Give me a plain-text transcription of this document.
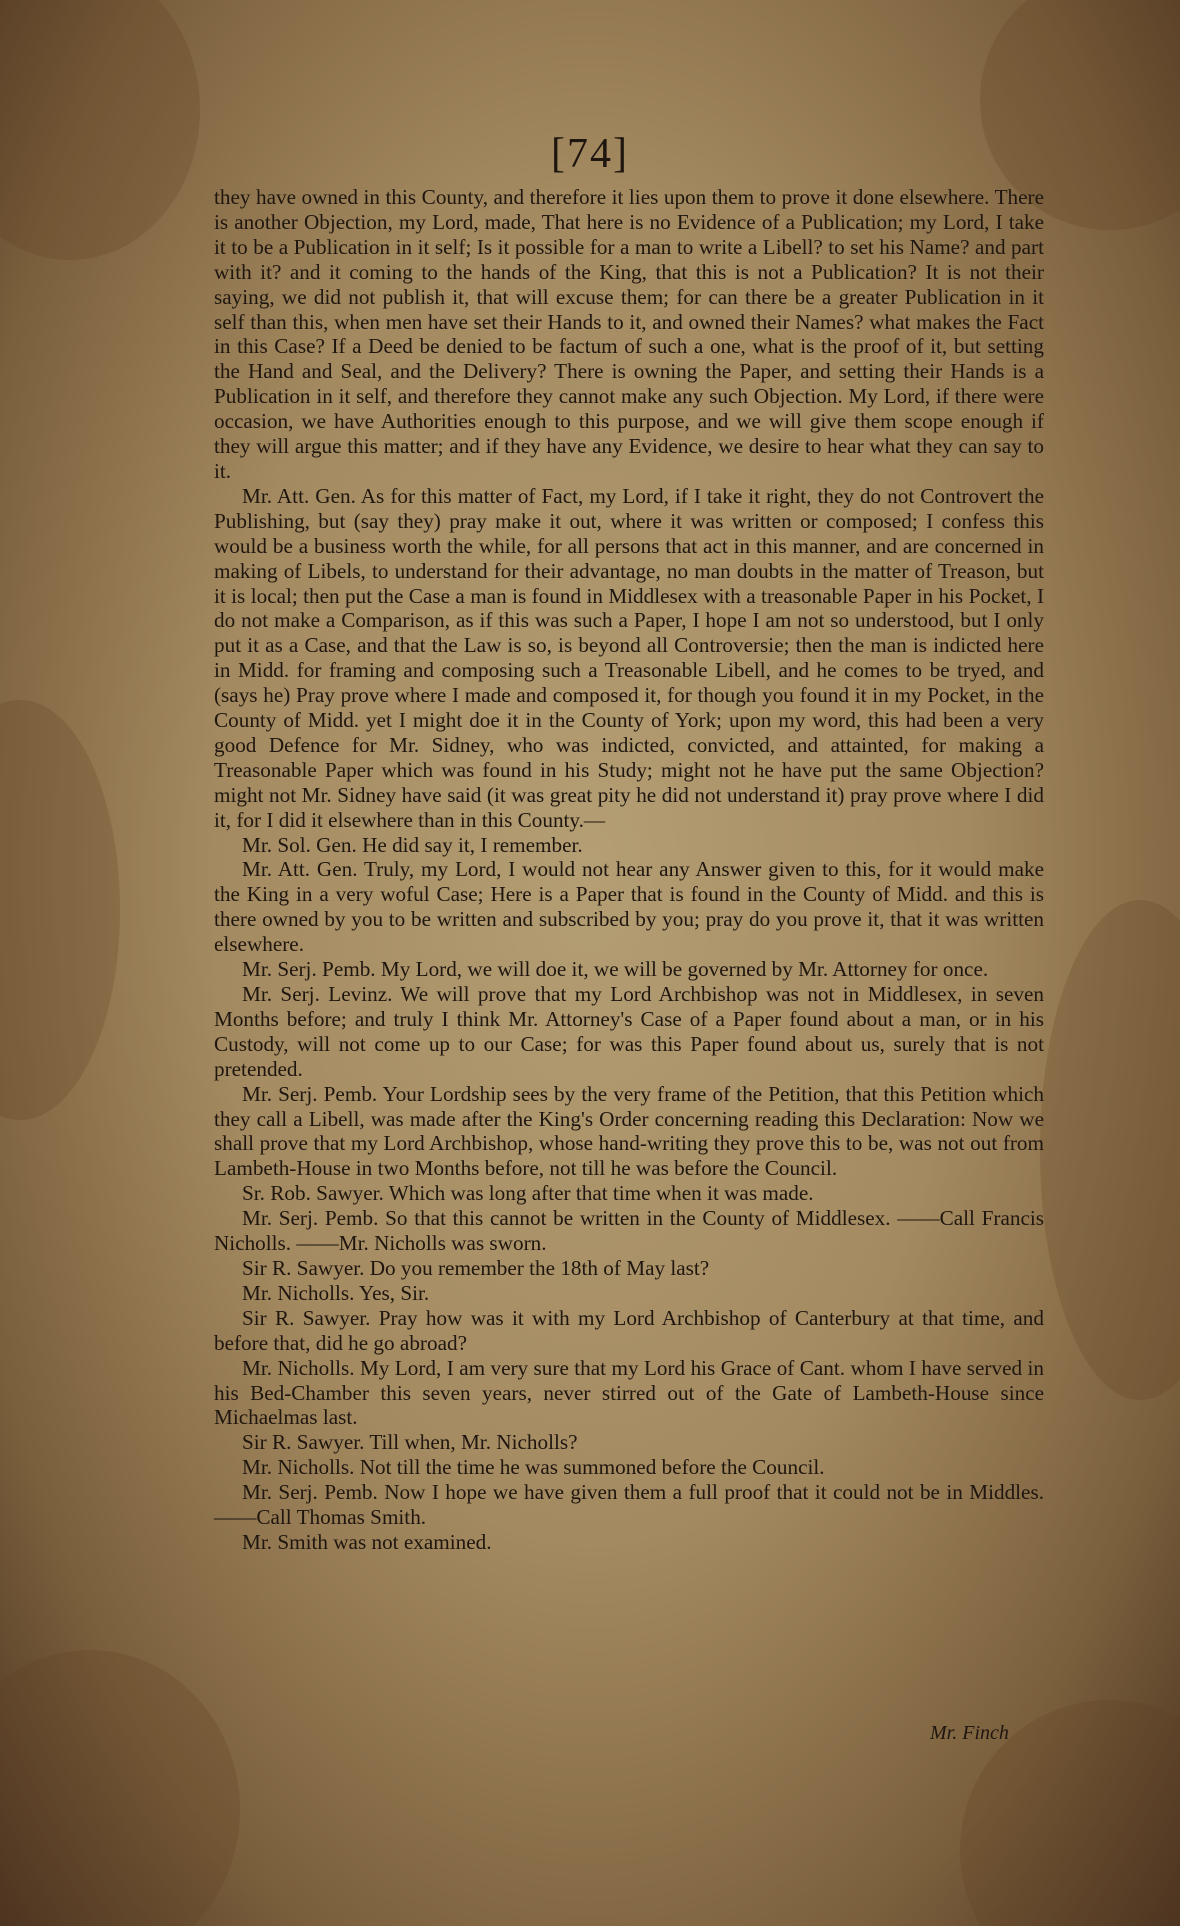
[74]

they have owned in this County, and therefore it lies upon them to prove it done elsewhere. There is another Objection, my Lord, made, That here is no Evidence of a Publication; my Lord, I take it to be a Publication in it self; Is it possible for a man to write a Libell? to set his Name? and part with it? and it coming to the hands of the King, that this is not a Publication? It is not their saying, we did not publish it, that will excuse them; for can there be a greater Publication in it self than this, when men have set their Hands to it, and owned their Names? what makes the Fact in this Case? If a Deed be denied to be factum of such a one, what is the proof of it, but setting the Hand and Seal, and the Delivery? There is owning the Paper, and setting their Hands is a Publication in it self, and therefore they cannot make any such Objection. My Lord, if there were occasion, we have Authorities enough to this purpose, and we will give them scope enough if they will argue this matter; and if they have any Evidence, we desire to hear what they can say to it.

Mr. Att. Gen. As for this matter of Fact, my Lord, if I take it right, they do not Controvert the Publishing, but (say they) pray make it out, where it was written or composed; I confess this would be a business worth the while, for all persons that act in this manner, and are concerned in making of Libels, to understand for their advantage, no man doubts in the matter of Treason, but it is local; then put the Case a man is found in Middlesex with a treasonable Paper in his Pocket, I do not make a Comparison, as if this was such a Paper, I hope I am not so understood, but I only put it as a Case, and that the Law is so, is beyond all Controversie; then the man is indicted here in Midd. for framing and composing such a Treasonable Libell, and he comes to be tryed, and (says he) Pray prove where I made and composed it, for though you found it in my Pocket, in the County of Midd. yet I might doe it in the County of York; upon my word, this had been a very good Defence for Mr. Sidney, who was indicted, convicted, and attainted, for making a Treasonable Paper which was found in his Study; might not he have put the same Objection? might not Mr. Sidney have said (it was great pity he did not understand it) pray prove where I did it, for I did it elsewhere than in this County.—

Mr. Sol. Gen. He did say it, I remember.

Mr. Att. Gen. Truly, my Lord, I would not hear any Answer given to this, for it would make the King in a very woful Case; Here is a Paper that is found in the County of Midd. and this is there owned by you to be written and subscribed by you; pray do you prove it, that it was written elsewhere.

Mr. Serj. Pemb. My Lord, we will doe it, we will be governed by Mr. Attorney for once.

Mr. Serj. Levinz. We will prove that my Lord Archbishop was not in Middlesex, in seven Months before; and truly I think Mr. Attorney's Case of a Paper found about a man, or in his Custody, will not come up to our Case; for was this Paper found about us, surely that is not pretended.

Mr. Serj. Pemb. Your Lordship sees by the very frame of the Petition, that this Petition which they call a Libell, was made after the King's Order concerning reading this Declaration: Now we shall prove that my Lord Archbishop, whose hand-writing they prove this to be, was not out from Lambeth-House in two Months before, not till he was before the Council.

Sr. Rob. Sawyer. Which was long after that time when it was made.

Mr. Serj. Pemb. So that this cannot be written in the County of Middlesex. ——Call Francis Nicholls. ——Mr. Nicholls was sworn.

Sir R. Sawyer. Do you remember the 18th of May last?

Mr. Nicholls. Yes, Sir.

Sir R. Sawyer. Pray how was it with my Lord Archbishop of Canterbury at that time, and before that, did he go abroad?

Mr. Nicholls. My Lord, I am very sure that my Lord his Grace of Cant. whom I have served in his Bed-Chamber this seven years, never stirred out of the Gate of Lambeth-House since Michaelmas last.

Sir R. Sawyer. Till when, Mr. Nicholls?

Mr. Nicholls. Not till the time he was summoned before the Council.

Mr. Serj. Pemb. Now I hope we have given them a full proof that it could not be in Middles. ——Call Thomas Smith.

Mr. Smith was not examined.

Mr. Finch
